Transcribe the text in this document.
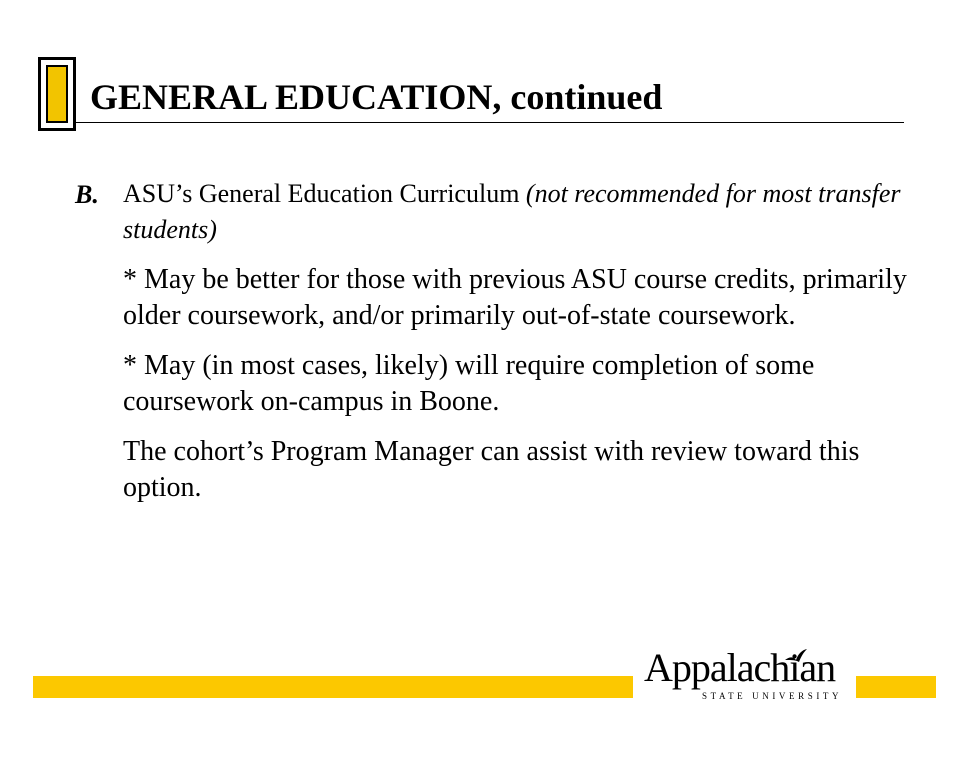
GENERAL EDUCATION, continued
B. ASU’s General Education Curriculum (not recommended for most transfer students)

* May be better for those with previous ASU course credits, primarily older coursework, and/or primarily out-of-state coursework.

* May (in most cases, likely) will require completion of some coursework on-campus in Boone.

The cohort’s Program Manager can assist with review toward this option.

Appalachian
STATE UNIVERSITY
